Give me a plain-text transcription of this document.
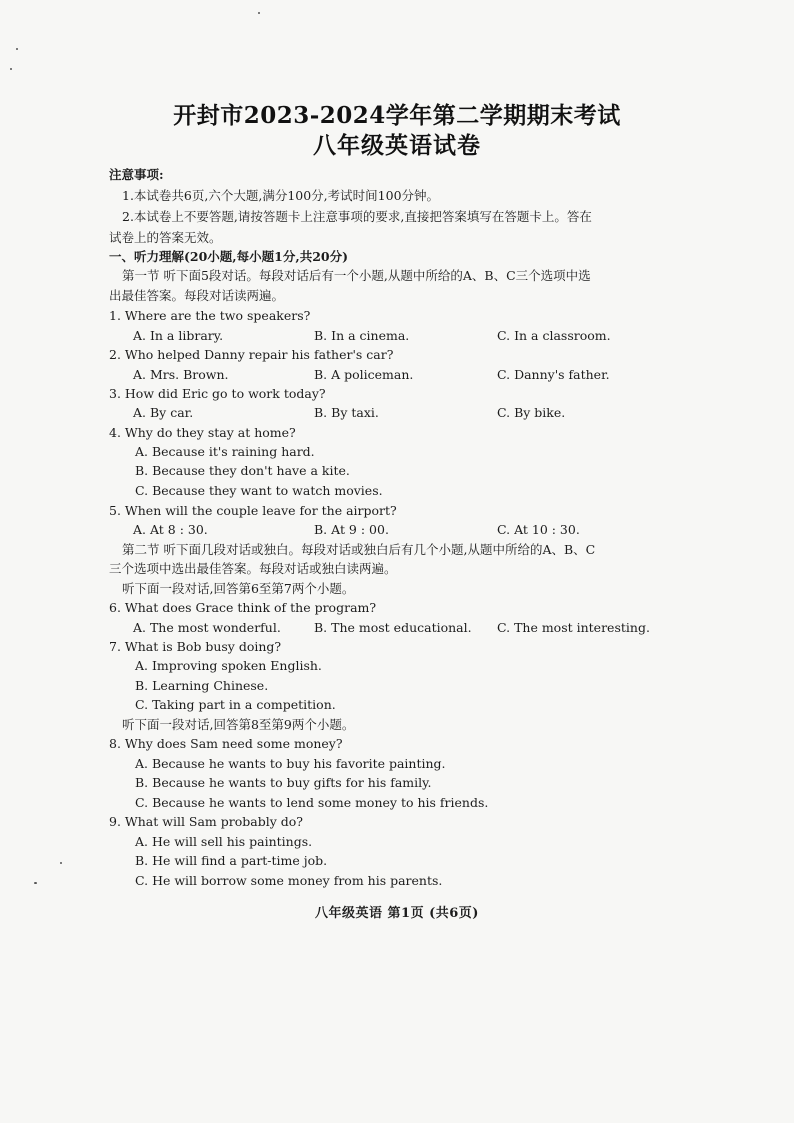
开封市2023-2024学年第二学期期末考试
八年级英语试卷
注意事项:
1.本试卷共6页,六个大题,满分100分,考试时间100分钟。
2.本试卷上不要答题,请按答题卡上注意事项的要求,直接把答案填写在答题卡上。答在
试卷上的答案无效。
一、听力理解(20小题,每小题1分,共20分)
第一节 听下面5段对话。每段对话后有一个小题,从题中所给的A、B、C三个选项中选
出最佳答案。每段对话读两遍。
1. Where are the two speakers?
A. In a library.	B. In a cinema.	C. In a classroom.
2. Who helped Danny repair his father's car?
A. Mrs. Brown.	B. A policeman.	C. Danny's father.
3. How did Eric go to work today?
A. By car.	B. By taxi.	C. By bike.
4. Why do they stay at home?
A. Because it's raining hard.
B. Because they don't have a kite.
C. Because they want to watch movies.
5. When will the couple leave for the airport?
A. At 8 : 30.	B. At 9 : 00.	C. At 10 : 30.
第二节 听下面几段对话或独白。每段对话或独白后有几个小题,从题中所给的A、B、C
三个选项中选出最佳答案。每段对话或独白读两遍。
听下面一段对话,回答第6至第7两个小题。
6. What does Grace think of the program?
A. The most wonderful.	B. The most educational. C. The most interesting.
7. What is Bob busy doing?
A. Improving spoken English.
B. Learning Chinese.
C. Taking part in a competition.
听下面一段对话,回答第8至第9两个小题。
8. Why does Sam need some money?
A. Because he wants to buy his favorite painting.
B. Because he wants to buy gifts for his family.
C. Because he wants to lend some money to his friends.
9. What will Sam probably do?
A. He will sell his paintings.
B. He will find a part-time job.
C. He will borrow some money from his parents.
八年级英语 第1页 (共6页)
